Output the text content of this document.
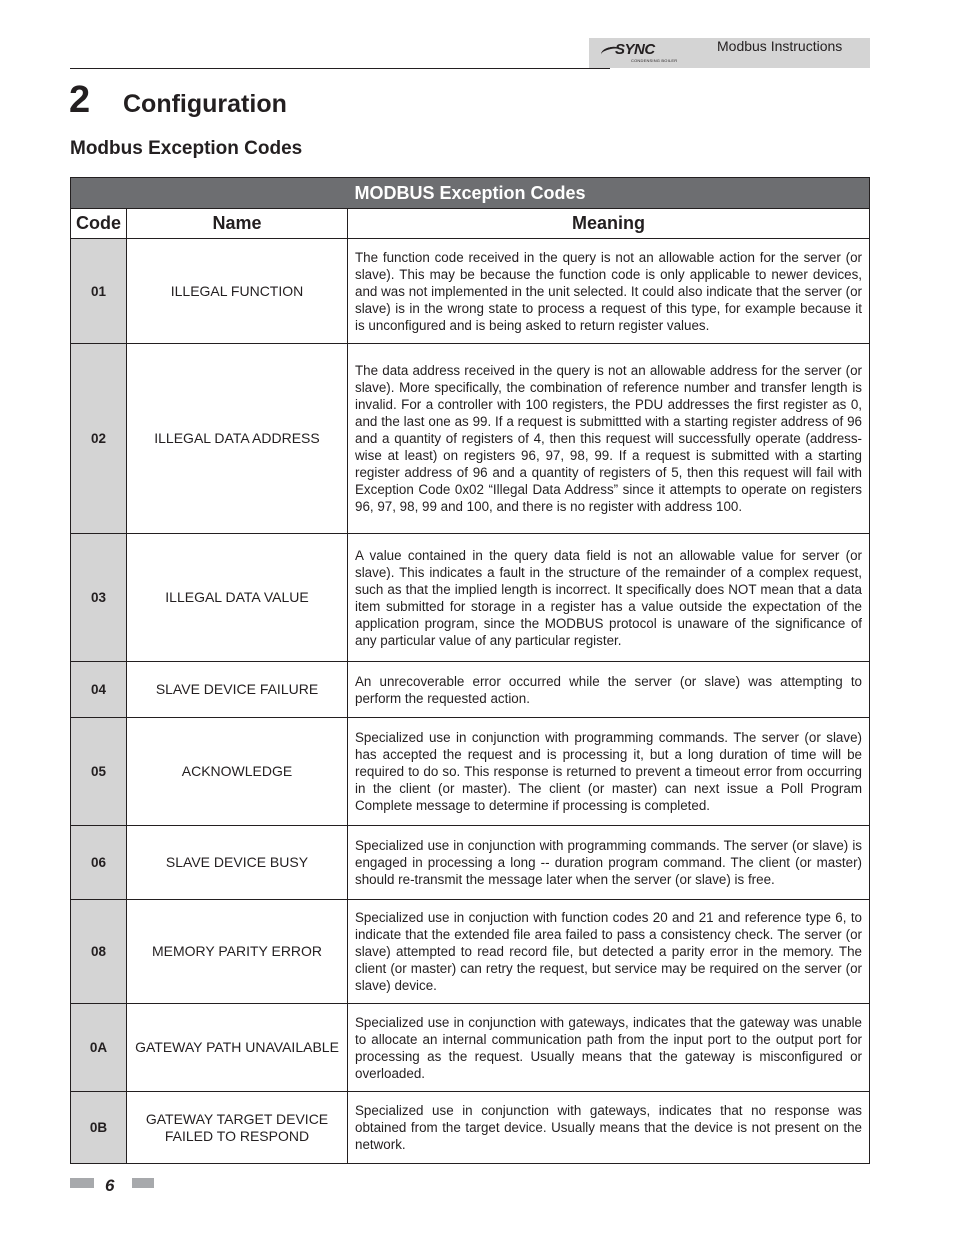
SYNC
CONDENSING BOILER
Modbus Instructions
2 Configuration
Modbus Exception Codes
MODBUS Exception Codes		
Code	Name	Meaning
01	ILLEGAL FUNCTION	The function code received in the query is not an allowable action for the server (or slave). This may be because the function code is only applicable to newer devices, and was not implemented in the unit selected. It could also indicate that the server (or slave) is in the wrong state to process a request of this type, for example because it is unconfigured and is being asked to return register values.
02	ILLEGAL DATA ADDRESS	The data address received in the query is not an allowable address for the server (or slave). More specifically, the combination of reference number and transfer length is invalid. For a controller with 100 registers, the PDU addresses the first register as 0, and the last one as 99. If a request is submittted with a starting register address of 96 and a quantity of registers of 4, then this request will successfully operate (address-wise at least) on registers 96, 97, 98, 99. If a request is submitted with a starting register address of 96 and a quantity of registers of 5, then this request will fail with Exception Code 0x02 “Illegal Data Address” since it attempts to operate on registers 96, 97, 98, 99 and 100, and there is no register with address 100.
03	ILLEGAL DATA VALUE	A value contained in the query data field is not an allowable value for server (or slave). This indicates a fault in the structure of the remainder of a complex request, such as that the implied length is incorrect. It specifically does NOT mean that a data item submitted for storage in a register has a value outside the expectation of the application program, since the MODBUS protocol is unaware of the significance of any particular value of any particular register.
04	SLAVE DEVICE FAILURE	An unrecoverable error occurred while the server (or slave) was attempting to perform the requested action.
05	ACKNOWLEDGE	Specialized use in conjunction with programming commands. The server (or slave) has accepted the request and is processing it, but a long duration of time will be required to do so. This response is returned to prevent a timeout error from occurring in the client (or master). The client (or master) can next issue a Poll Program Complete message to determine if processing is completed.
06	SLAVE DEVICE BUSY	Specialized use in conjunction with programming commands. The server (or slave) is engaged in processing a long -- duration program command. The client (or master) should re-transmit the message later when the server (or slave) is free.
08	MEMORY PARITY ERROR	Specialized use in conjuction with function codes 20 and 21 and reference type 6, to indicate that the extended file area failed to pass a consistency check. The server (or slave) attempted to read record file, but detected a parity error in the memory. The client (or master) can retry the request, but service may be required on the server (or slave) device.
0A	GATEWAY PATH UNAVAILABLE	Specialized use in conjunction with gateways, indicates that the gateway was unable to allocate an internal communication path from the input port to the output port for processing as the request. Usually means that the gateway is misconfigured or overloaded.
0B	GATEWAY TARGET DEVICE FAILED TO RESPOND	Specialized use in conjunction with gateways, indicates that no response was obtained from the target device. Usually means that the device is not present on the network.
6
